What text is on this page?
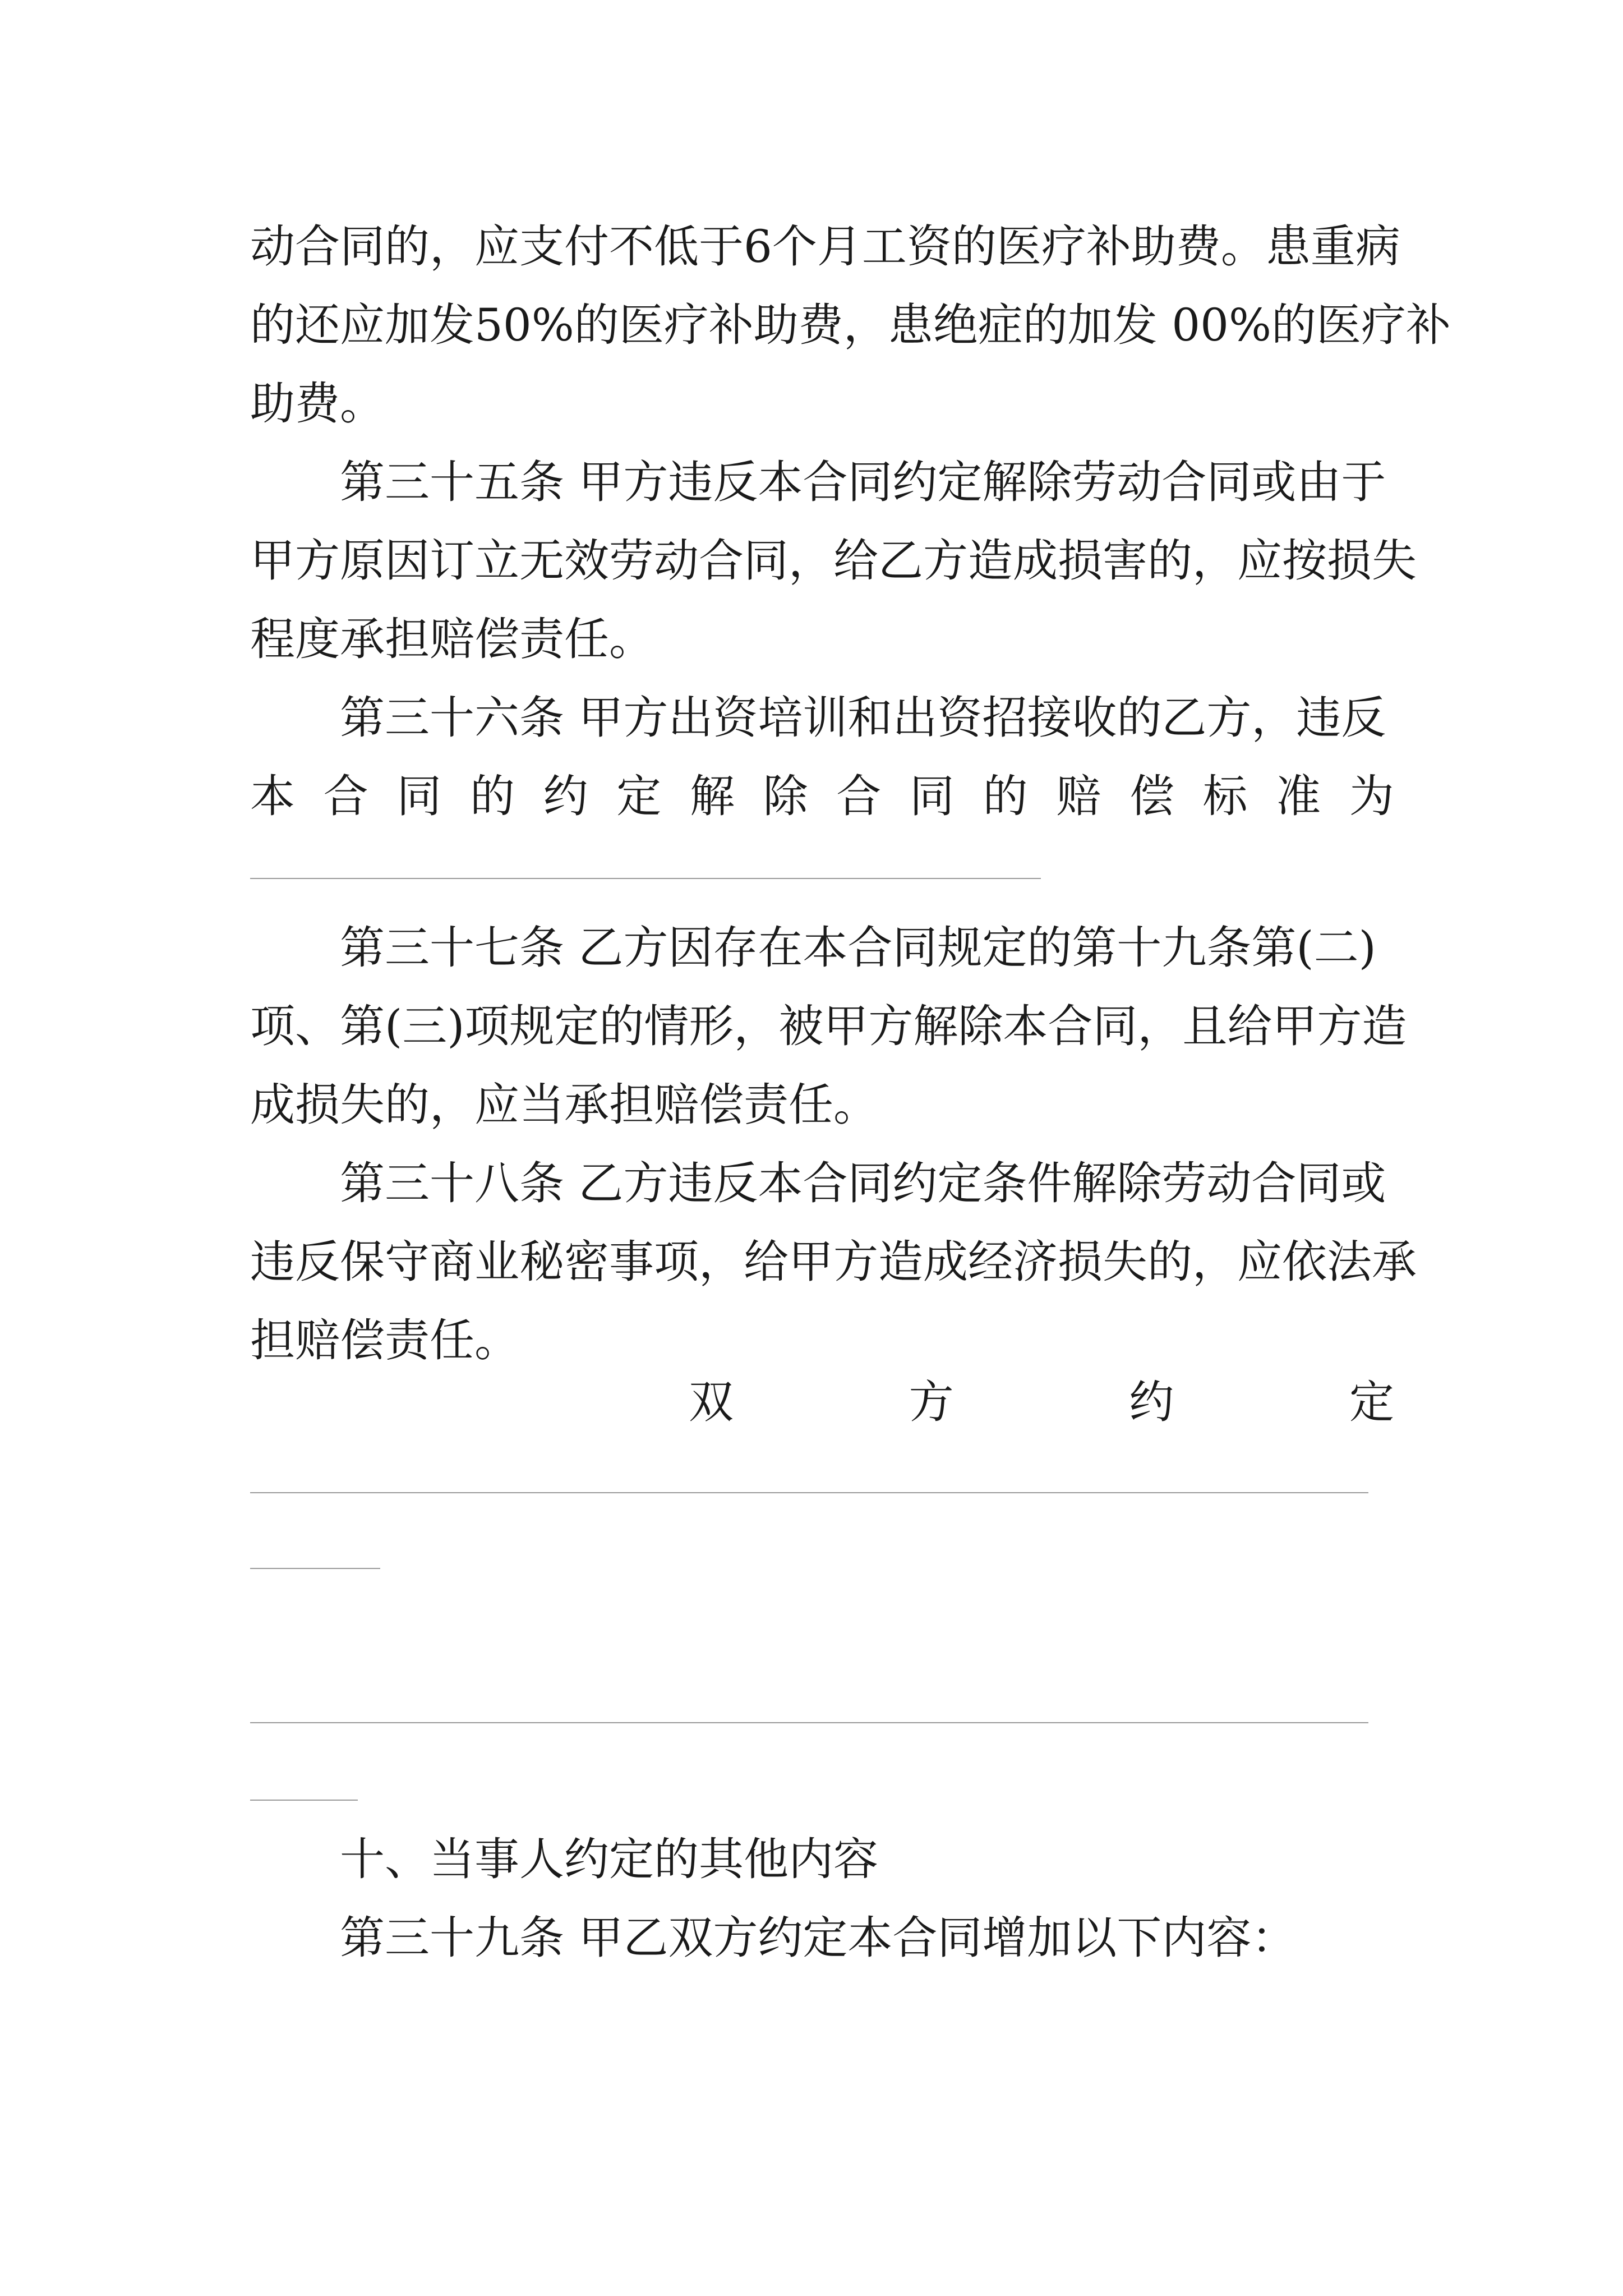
动合同的，应支付不低于6个月工资的医疗补助费。患重病
的还应加发50%的医疗补助费，患绝症的加发 00%的医疗补
助费。
第三十五条 甲方违反本合同约定解除劳动合同或由于
甲方原因订立无效劳动合同，给乙方造成损害的，应按损失
程度承担赔偿责任。
第三十六条 甲方出资培训和出资招接收的乙方，违反
本 合 同 的 约 定 解 除 合 同 的 赔 偿 标 准 为
第三十七条 乙方因存在本合同规定的第十九条第(二)
项、第(三)项规定的情形，被甲方解除本合同，且给甲方造
成损失的，应当承担赔偿责任。
第三十八条 乙方违反本合同约定条件解除劳动合同或
违反保守商业秘密事项，给甲方造成经济损失的，应依法承
担赔偿责任。
双	方	约	定
十、当事人约定的其他内容
第三十九条 甲乙双方约定本合同增加以下内容：
